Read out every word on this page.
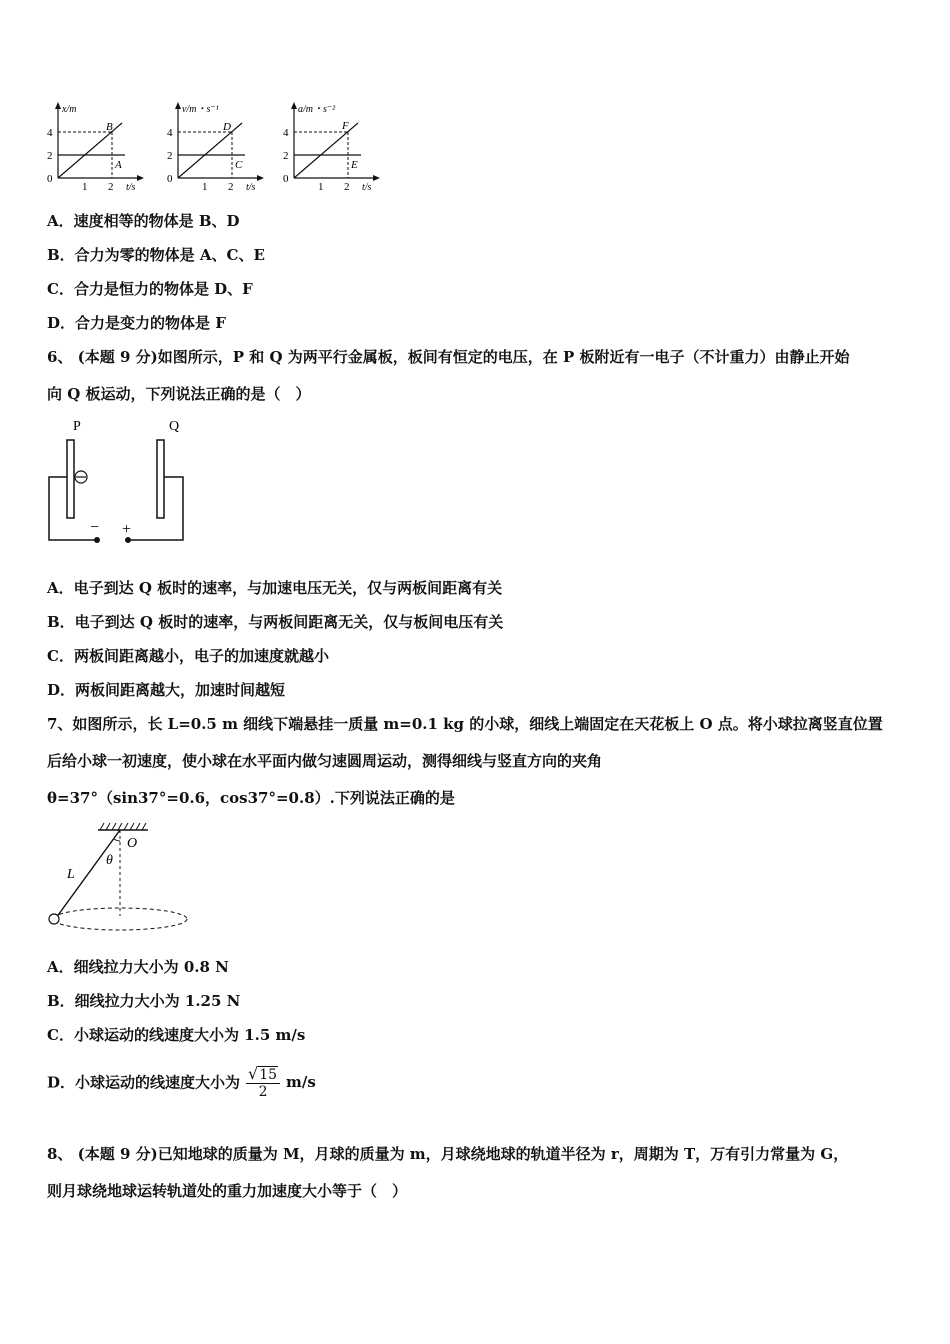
x/m
4
2
0
1 2 t/s
B
A
v/m・s⁻¹
4
2
0
1 2 t/s
D
C
a/m・s⁻²
4
2
0
1 2 t/s
F
E
A．速度相等的物体是 B、D
B．合力为零的物体是 A、C、E
C．合力是恒力的物体是 D、F
D．合力是变力的物体是 F
6、 (本题 9 分)如图所示，P 和 Q 为两平行金属板，板间有恒定的电压，在 P 板附近有一电子（不计重力）由静止开始
向 Q 板运动，下列说法正确的是（　）
P	Q
− +
A．电子到达 Q 板时的速率，与加速电压无关，仅与两板间距离有关
B．电子到达 Q 板时的速率，与两板间距离无关，仅与板间电压有关
C．两板间距离越小，电子的加速度就越小
D．两板间距离越大，加速时间越短
7、如图所示，长 L=0.5 m 细线下端悬挂一质量 m=0.1 kg 的小球，细线上端固定在天花板上 O 点。将小球拉离竖直位置
后给小球一初速度，使小球在水平面内做匀速圆周运动，测得细线与竖直方向的夹角
θ=37°（sin37°=0.6，cos37°=0.8）.下列说法正确的是
O
θ
L
A．细线拉力大小为 0.8 N
B．细线拉力大小为 1.25 N
C．小球运动的线速度大小为 1.5 m/s
D．小球运动的线速度大小为 $\frac{√15}{2} m/s$
8、 (本题 9 分)已知地球的质量为 M，月球的质量为 m，月球绕地球的轨道半径为 r，周期为 T，万有引力常量为 G，
则月球绕地球运转轨道处的重力加速度大小等于（　）
